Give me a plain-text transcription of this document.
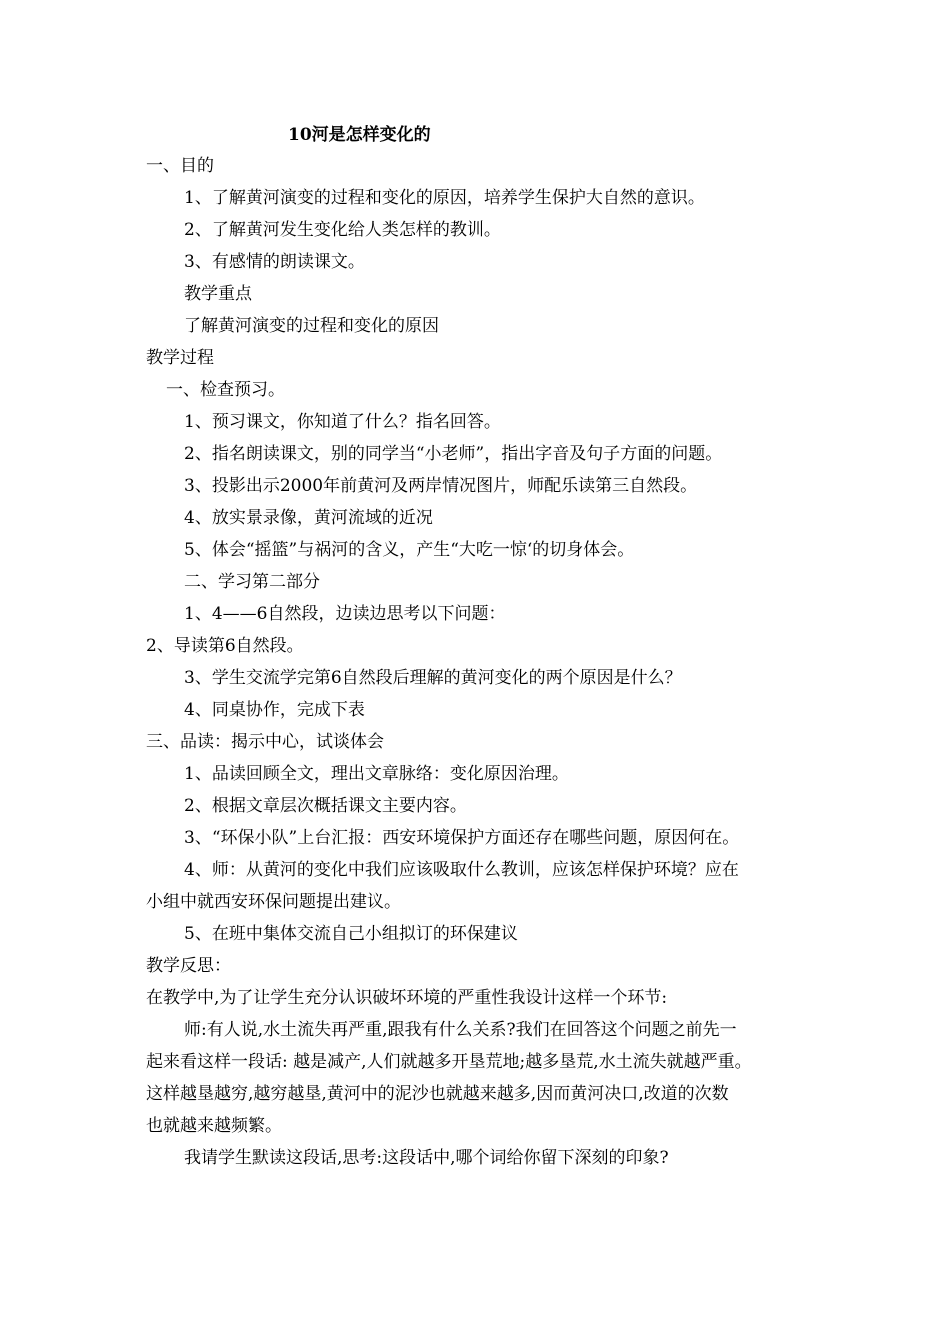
10河是怎样变化的
一、目的
1、了解黄河演变的过程和变化的原因，培养学生保护大自然的意识。
2、了解黄河发生变化给人类怎样的教训。
3、有感情的朗读课文。
教学重点
了解黄河演变的过程和变化的原因
教学过程
一、检查预习。
1、预习课文，你知道了什么？指名回答。
2、指名朗读课文，别的同学当“小老师”，指出字音及句子方面的问题。
3、投影出示2000年前黄河及两岸情况图片，师配乐读第三自然段。
4、放实景录像，黄河流域的近况
5、体会“摇篮”与祸河的含义，产生“大吃一惊‘的切身体会。
二、学习第二部分
1、4——6自然段，边读边思考以下问题：
2、导读第6自然段。
3、学生交流学完第6自然段后理解的黄河变化的两个原因是什么？
4、同桌协作，完成下表
三、品读：揭示中心，试谈体会
1、品读回顾全文，理出文章脉络：变化原因治理。
2、根据文章层次概括课文主要内容。
3、“环保小队”上台汇报：西安环境保护方面还存在哪些问题，原因何在。
4、师：从黄河的变化中我们应该吸取什么教训，应该怎样保护环境？应在
小组中就西安环保问题提出建议。
5、在班中集体交流自己小组拟订的环保建议
教学反思：
在教学中,为了让学生充分认识破坏环境的严重性我设计这样一个环节:
师:有人说,水土流失再严重,跟我有什么关系?我们在回答这个问题之前先一
起来看这样一段话: 越是减产,人们就越多开垦荒地;越多垦荒,水土流失就越严重。
这样越垦越穷,越穷越垦,黄河中的泥沙也就越来越多,因而黄河决口,改道的次数
也就越来越频繁。
我请学生默读这段话,思考:这段话中,哪个词给你留下深刻的印象?
